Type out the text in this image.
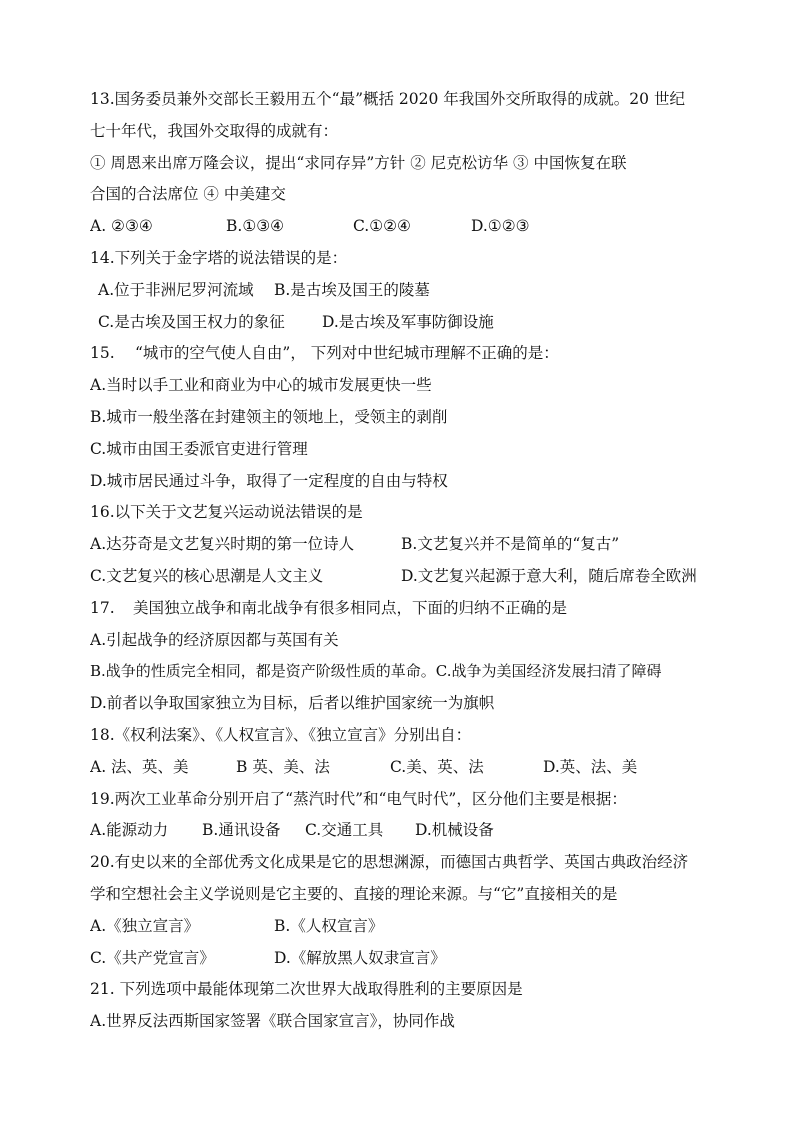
13.国务委员兼外交部长王毅用五个“最”概括 2020 年我国外交所取得的成就。20 世纪
七十年代，我国外交取得的成就有：
① 周恩来出席万隆会议，提出“求同存异”方针 ② 尼克松访华 ③ 中国恢复在联
合国的合法席位 ④ 中美建交
A. ②③④	B.①③④	C.①②④	D.①②③
14.下列关于金字塔的说法错误的是：
A.位于非洲尼罗河流域 B.是古埃及国王的陵墓
C.是古埃及国王权力的象征 D.是古埃及军事防御设施
15. “城市的空气使人自由”， 下列对中世纪城市理解不正确的是：
A.当时以手工业和商业为中心的城市发展更快一些
B.城市一般坐落在封建领主的领地上，受领主的剥削
C.城市由国王委派官吏进行管理
D.城市居民通过斗争，取得了一定程度的自由与特权
16.以下关于文艺复兴运动说法错误的是
A.达芬奇是文艺复兴时期的第一位诗人	B.文艺复兴并不是简单的“复古”
C.文艺复兴的核心思潮是人文主义	D.文艺复兴起源于意大利，随后席卷全欧洲
17. 美国独立战争和南北战争有很多相同点，下面的归纳不正确的是
A.引起战争的经济原因都与英国有关
B.战争的性质完全相同，都是资产阶级性质的革命。C.战争为美国经济发展扫清了障碍
D.前者以争取国家独立为目标，后者以维护国家统一为旗帜
18.《权利法案》、《人权宣言》、《独立宣言》分别出自：
A. 法、英、美	B 英、美、法	C.美、英、法	D.英、法、美
19.两次工业革命分别开启了“蒸汽时代”和“电气时代”，区分他们主要是根据：
A.能源动力 B.通讯设备 C.交通工具 D.机械设备
20.有史以来的全部优秀文化成果是它的思想渊源，而德国古典哲学、英国古典政治经济
学和空想社会主义学说则是它主要的、直接的理论来源。与“它”直接相关的是
A.《独立宣言》	B.《人权宣言》
C.《共产党宣言》	D.《解放黑人奴隶宣言》
21. 下列选项中最能体现第二次世界大战取得胜利的主要原因是
A.世界反法西斯国家签署《联合国家宣言》，协同作战
